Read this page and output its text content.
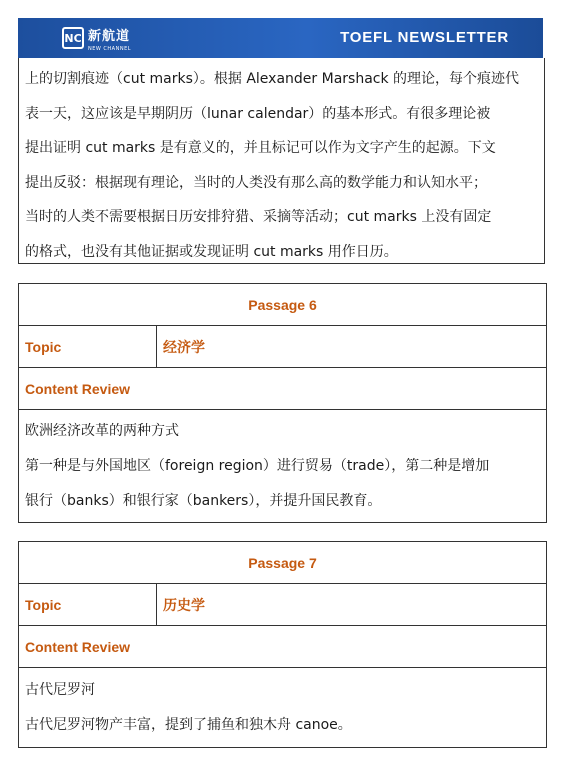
NC 新航道
NEW CHANNEL
TOEFL NEWSLETTER
上的切割痕迹（cut marks）。根据 Alexander Marshack 的理论，每个痕迹代
表一天，这应该是早期阴历（lunar calendar）的基本形式。有很多理论被
提出证明 cut marks 是有意义的，并且标记可以作为文字产生的起源。下文
提出反驳：根据现有理论，当时的人类没有那么高的数学能力和认知水平；
当时的人类不需要根据日历安排狩猎、采摘等活动；cut marks 上没有固定
的格式，也没有其他证据或发现证明 cut marks 用作日历。
Passage 6
Topic	经济学
Content Review

欧洲经济改革的两种方式
第一种是与外国地区（foreign region）进行贸易（trade），第二种是增加
银行（banks）和银行家（bankers），并提升国民教育。
Passage 7
Topic	历史学
Content Review

古代尼罗河
古代尼罗河物产丰富，提到了捕鱼和独木舟 canoe。
